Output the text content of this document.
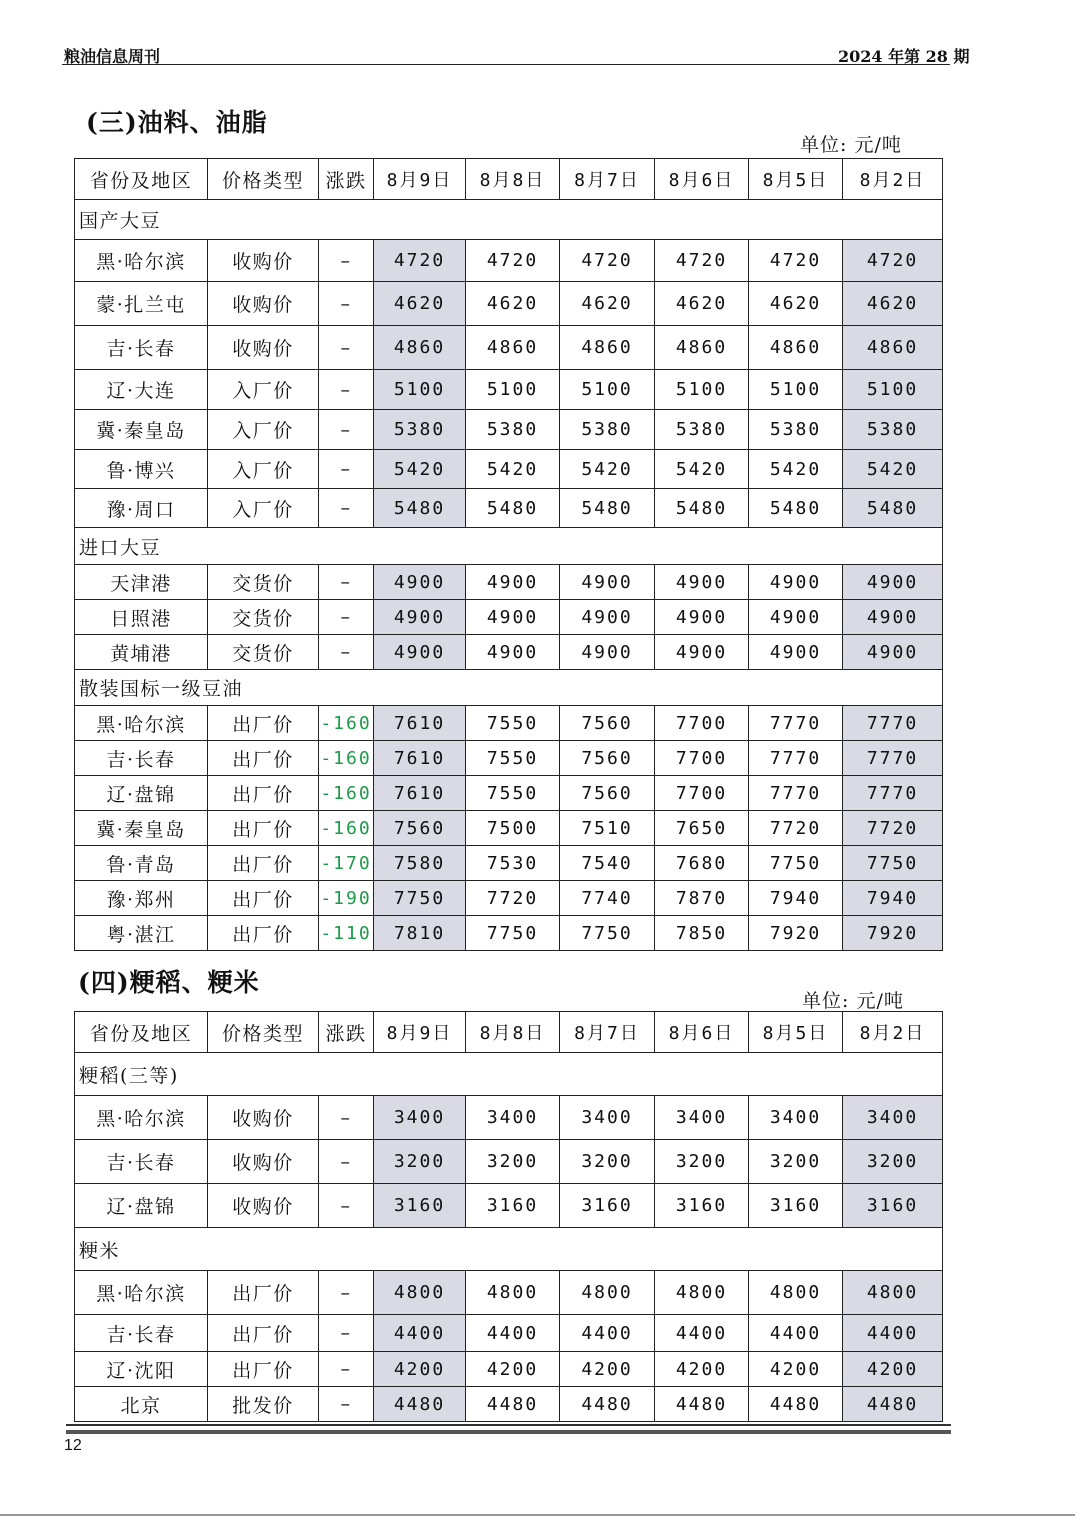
粮油信息周刊	2024 年第 28 期
(三)油料、油脂
单位: 元/吨
省份及地区	价格类型	涨跌	8月9日	8月8日	8月7日	8月6日	8月5日	8月2日
国产大豆								
黑·哈尔滨	收购价	–	4720	4720	4720	4720	4720	4720
蒙·扎兰屯	收购价	–	4620	4620	4620	4620	4620	4620
吉·长春	收购价	–	4860	4860	4860	4860	4860	4860
辽·大连	入厂价	–	5100	5100	5100	5100	5100	5100
冀·秦皇岛	入厂价	–	5380	5380	5380	5380	5380	5380
鲁·博兴	入厂价	–	5420	5420	5420	5420	5420	5420
豫·周口	入厂价	–	5480	5480	5480	5480	5480	5480
进口大豆								
天津港	交货价	–	4900	4900	4900	4900	4900	4900
日照港	交货价	–	4900	4900	4900	4900	4900	4900
黄埔港	交货价	–	4900	4900	4900	4900	4900	4900
散装国标一级豆油								
黑·哈尔滨	出厂价	-160	7610	7550	7560	7700	7770	7770
吉·长春	出厂价	-160	7610	7550	7560	7700	7770	7770
辽·盘锦	出厂价	-160	7610	7550	7560	7700	7770	7770
冀·秦皇岛	出厂价	-160	7560	7500	7510	7650	7720	7720
鲁·青岛	出厂价	-170	7580	7530	7540	7680	7750	7750
豫·郑州	出厂价	-190	7750	7720	7740	7870	7940	7940
粤·湛江	出厂价	-110	7810	7750	7750	7850	7920	7920
(四)粳稻、粳米
单位: 元/吨
省份及地区	价格类型	涨跌	8月9日	8月8日	8月7日	8月6日	8月5日	8月2日
粳稻(三等)								
黑·哈尔滨	收购价	–	3400	3400	3400	3400	3400	3400
吉·长春	收购价	–	3200	3200	3200	3200	3200	3200
辽·盘锦	收购价	–	3160	3160	3160	3160	3160	3160
粳米								
黑·哈尔滨	出厂价	–	4800	4800	4800	4800	4800	4800
吉·长春	出厂价	–	4400	4400	4400	4400	4400	4400
辽·沈阳	出厂价	–	4200	4200	4200	4200	4200	4200
北京	批发价	–	4480	4480	4480	4480	4480	4480
12
